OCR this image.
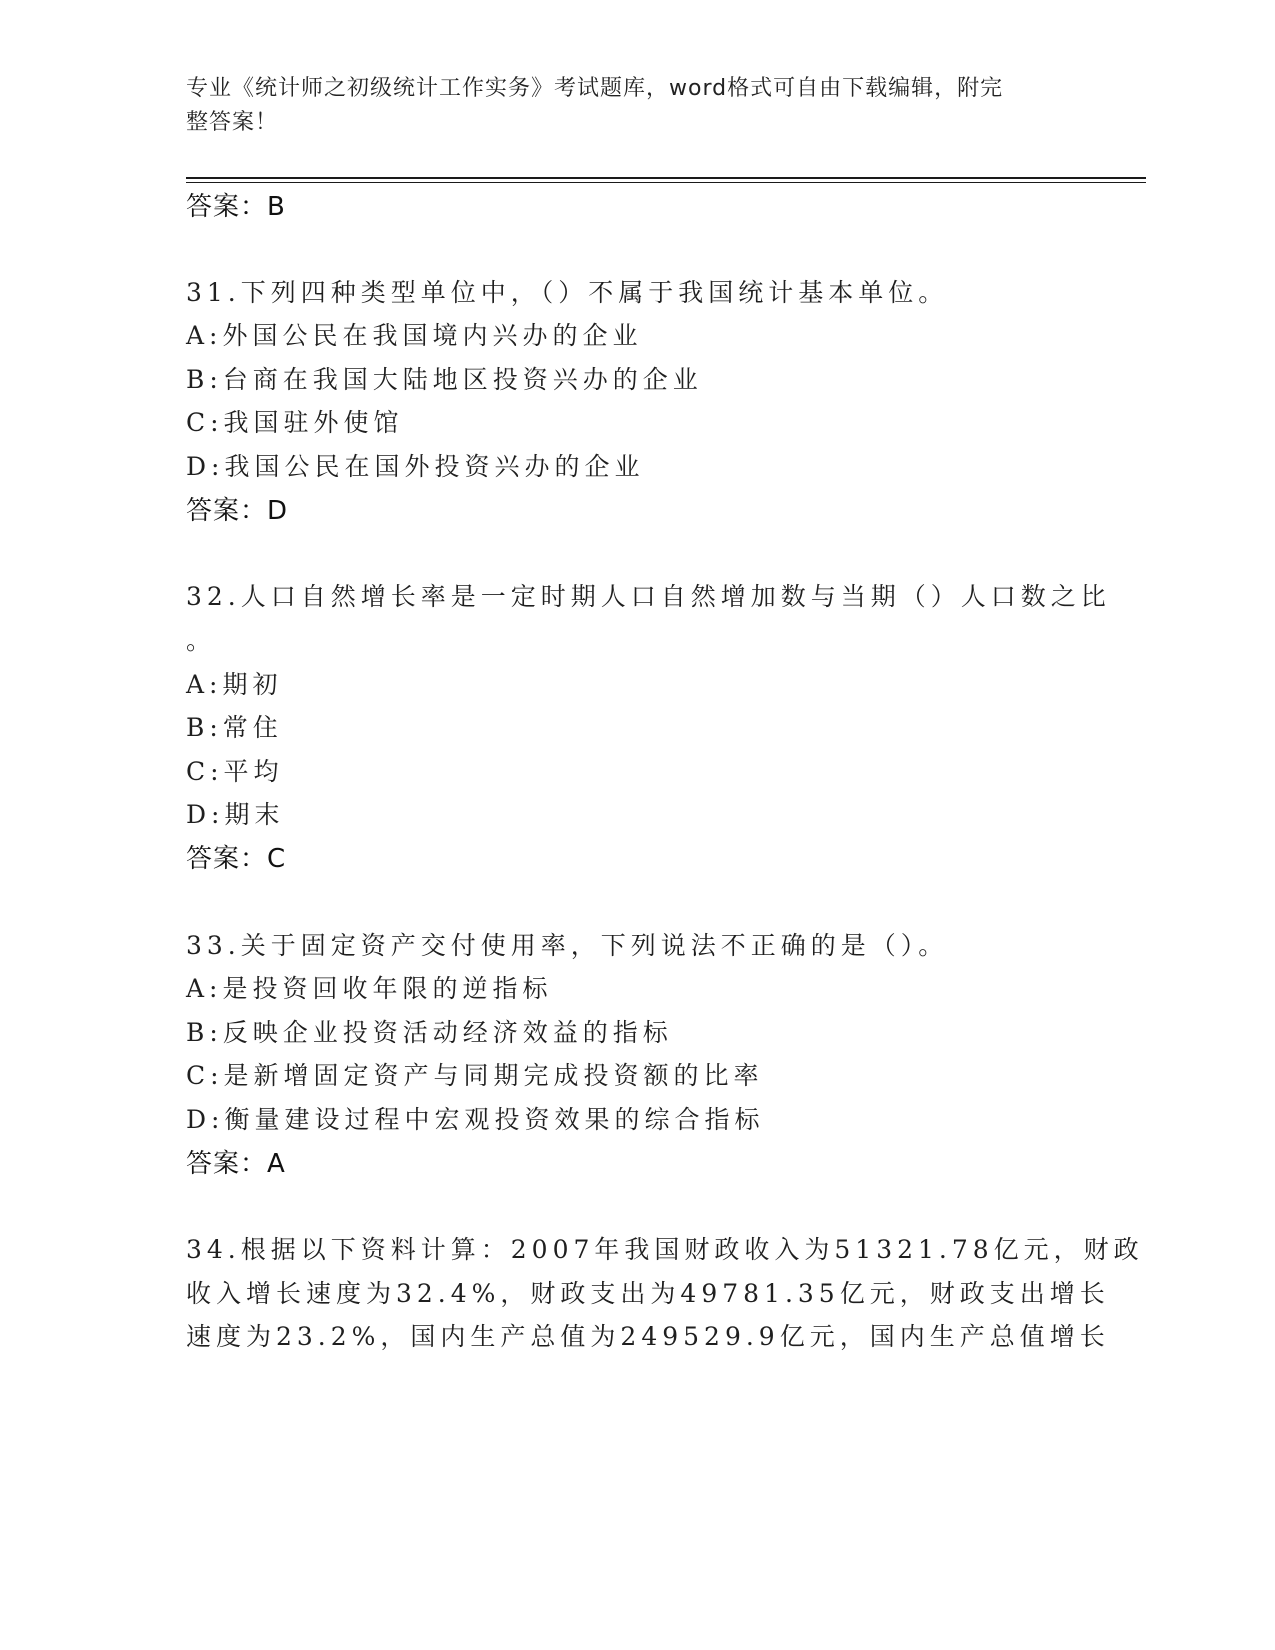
专业《统计师之初级统计工作实务》考试题库，word格式可自由下载编辑，附完
整答案！
答案：B
31.下列四种类型单位中，（）不属于我国统计基本单位。
A:外国公民在我国境内兴办的企业
B:台商在我国大陆地区投资兴办的企业
C:我国驻外使馆
D:我国公民在国外投资兴办的企业
答案：D
32.人口自然增长率是一定时期人口自然增加数与当期（）人口数之比
。
A:期初
B:常住
C:平均
D:期末
答案：C
33.关于固定资产交付使用率，下列说法不正确的是（）。
A:是投资回收年限的逆指标
B:反映企业投资活动经济效益的指标
C:是新增固定资产与同期完成投资额的比率
D:衡量建设过程中宏观投资效果的综合指标
答案：A
34.根据以下资料计算：2007年我国财政收入为51321.78亿元，财政
收入增长速度为32.4%，财政支出为49781.35亿元，财政支出增长
速度为23.2%，国内生产总值为249529.9亿元，国内生产总值增长
